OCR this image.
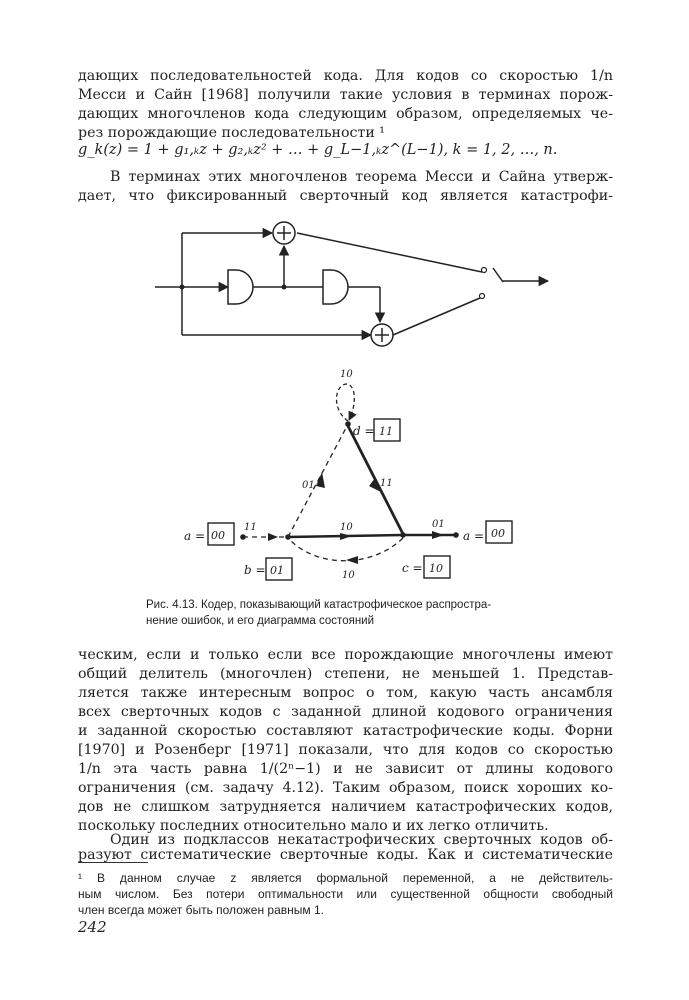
дающих последовательностей кода. Для кодов со скоростью 1/n
Месси и Сайн [1968] получили такие условия в терминах порож-
дающих многочленов кода следующим образом, определяемых че-
рез порождающие последовательности ¹
g_k(z) = 1 + g₁,ₖz + g₂,ₖz² + … + g_L−1,ₖz^(L−1), k = 1, 2, …, n.
В терминах этих многочленов теорема Месси и Сайна утверж-
дает, что фиксированный сверточный код является катастрофи-
a = 00
b = 01	c = 10
d = 11
a = 00
10
01	11
11	10	01
10
Рис. 4.13. Кодер, показывающий катастрофическое распростра-
нение ошибок, и его диаграмма состояний
ческим, если и только если все порождающие многочлены имеют
общий делитель (многочлен) степени, не меньшей 1. Представ-
ляется также интересным вопрос о том, какую часть ансамбля
всех сверточных кодов с заданной длиной кодового ограничения
и заданной скоростью составляют катастрофические коды. Форни
[1970] и Розенберг [1971] показали, что для кодов со скоростью
1/n эта часть равна 1/(2ⁿ−1) и не зависит от длины кодового
ограничения (см. задачу 4.12). Таким образом, поиск хороших ко-
дов не слишком затрудняется наличием катастрофических кодов,
поскольку последних относительно мало и их легко отличить.
Один из подклассов некатастрофических сверточных кодов об-
разуют систематические сверточные коды. Как и систематические
¹ В данном случае z является формальной переменной, а не действитель-
ным числом. Без потери оптимальности или существенной общности свободный
член всегда может быть положен равным 1.
242
